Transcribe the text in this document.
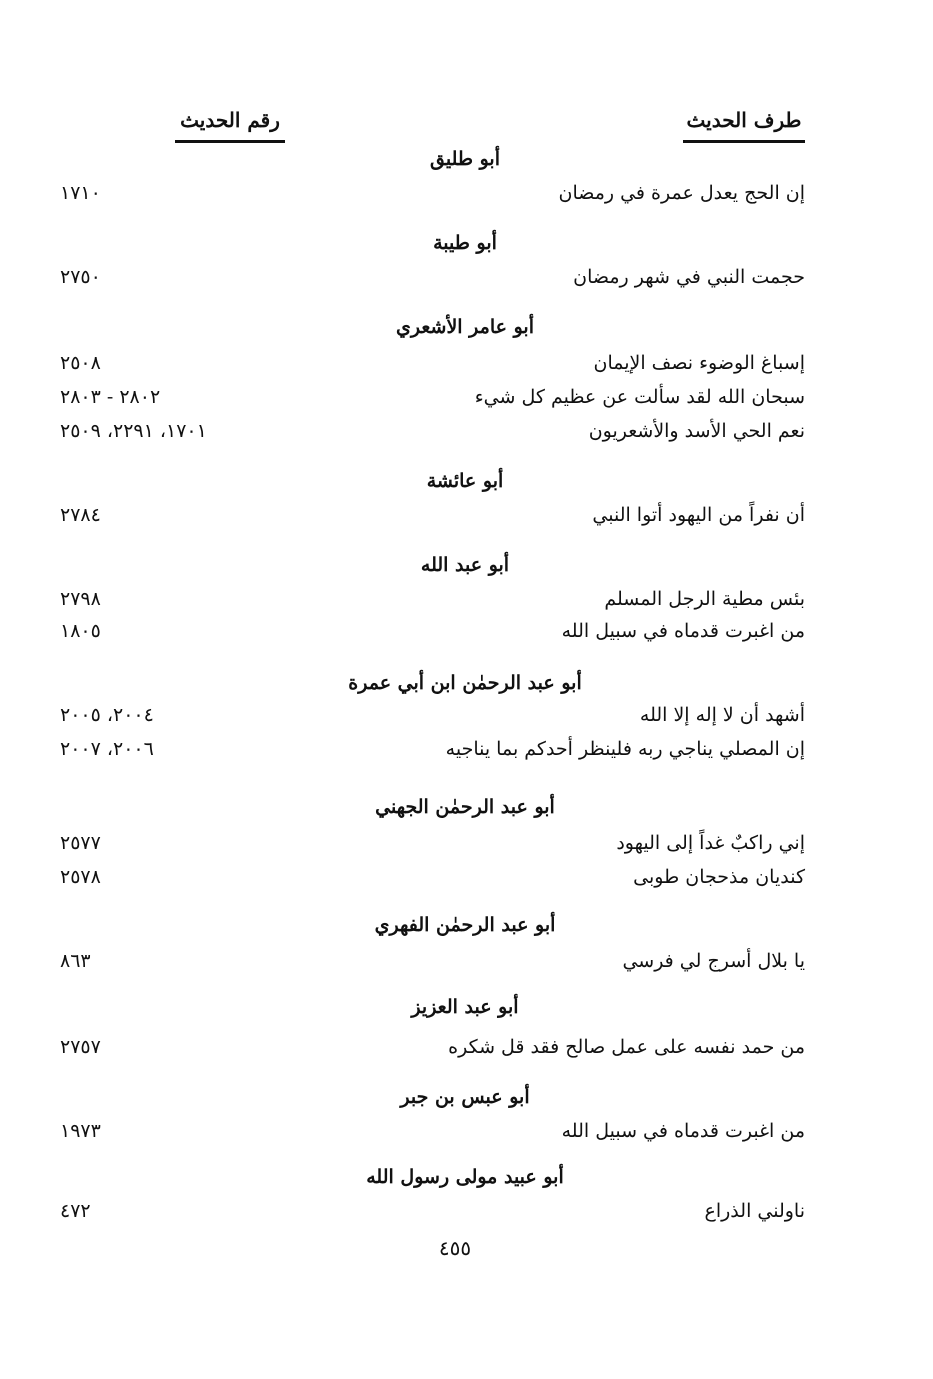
طرف الحديث
رقم الحديث
أبو طليق
إن الحج يعدل عمرة في رمضان
١٧١٠
أبو طيبة
حجمت النبي في شهر رمضان
٢٧٥٠
أبو عامر الأشعري
إسباغ الوضوء نصف الإيمان
٢٥٠٨
سبحان الله لقد سألت عن عظيم كل شيء
٢٨٠٢ - ٢٨٠٣
نعم الحي الأسد والأشعريون
١٧٠١، ٢٢٩١، ٢٥٠٩
أبو عائشة
أن نفراً من اليهود أتوا النبي
٢٧٨٤
أبو عبد الله
بئس مطية الرجل المسلم
٢٧٩٨
من اغبرت قدماه في سبيل الله
١٨٠٥
أبو عبد الرحمٰن ابن أبي عمرة
أشهد أن لا إله إلا الله
٢٠٠٤، ٢٠٠٥
إن المصلي يناجي ربه فلينظر أحدكم بما يناجيه
٢٠٠٦، ٢٠٠٧
أبو عبد الرحمٰن الجهني
إني راكبٌ غداً إلى اليهود
٢٥٧٧
كنديان مذحجان طوبى
٢٥٧٨
أبو عبد الرحمٰن الفهري
يا بلال أسرج لي فرسي
٨٦٣
أبو عبد العزيز
من حمد نفسه على عمل صالح فقد قل شكره
٢٧٥٧
أبو عبس بن جبر
من اغبرت قدماه في سبيل الله
١٩٧٣
أبو عبيد مولى رسول الله
ناولني الذراع
٤٧٢
٤٥٥
